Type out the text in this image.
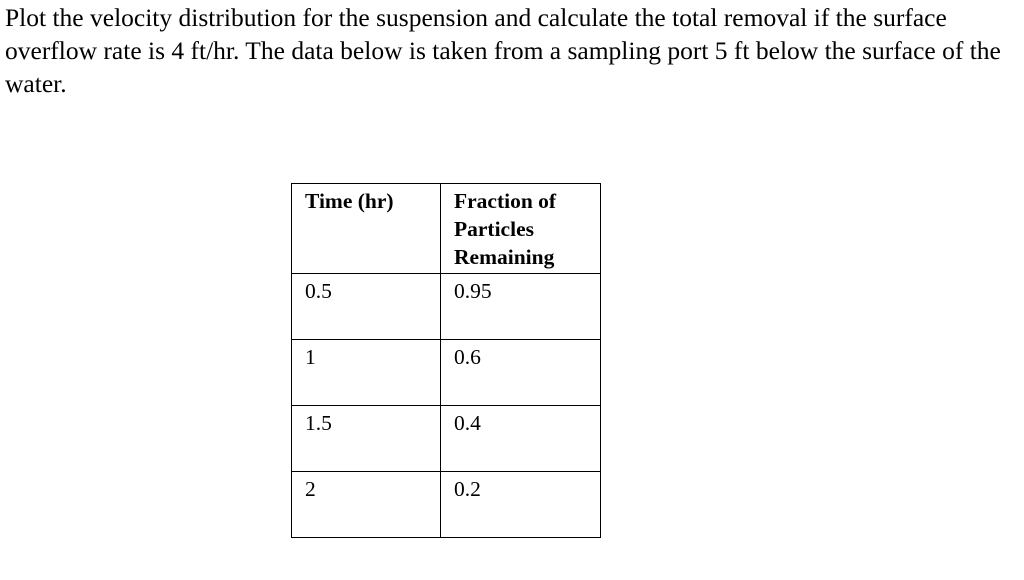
Plot the velocity distribution for the suspension and calculate the total removal if the surface overflow rate is 4 ft/hr. The data below is taken from a sampling port 5 ft below the surface of the water.

Time (hr)	Fraction of Particles Remaining
0.5	0.95
1	0.6
1.5	0.4
2	0.2
